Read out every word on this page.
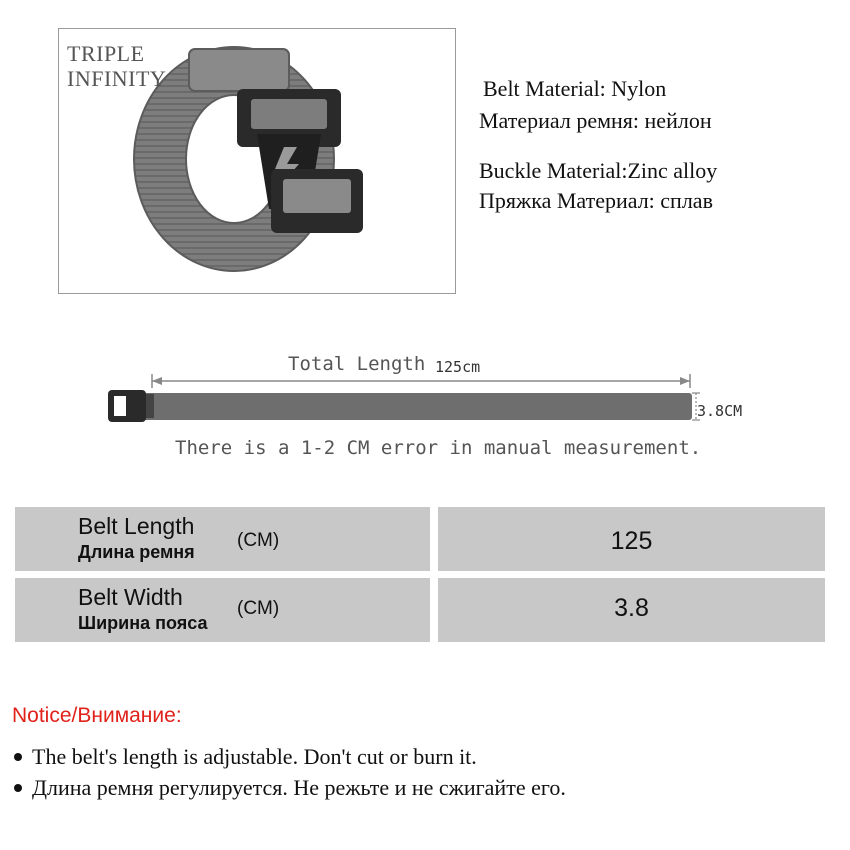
TRIPLE
INFINITY	Belt Material: Nylon
Материал ремня: нейлон
Buckle Material:Zinc alloy
Пряжка Материал: сплав
Total Length 125cm
3.8CM
There is a 1-2 CM error in manual measurement.
Belt Length
Длина ремня
(CM)	125
Belt Width
Ширина пояса
(CM)	3.8
Notice/Внимание:
The belt's length is adjustable. Don't cut or burn it.
Длина ремня регулируется. Не режьте и не сжигайте его.
